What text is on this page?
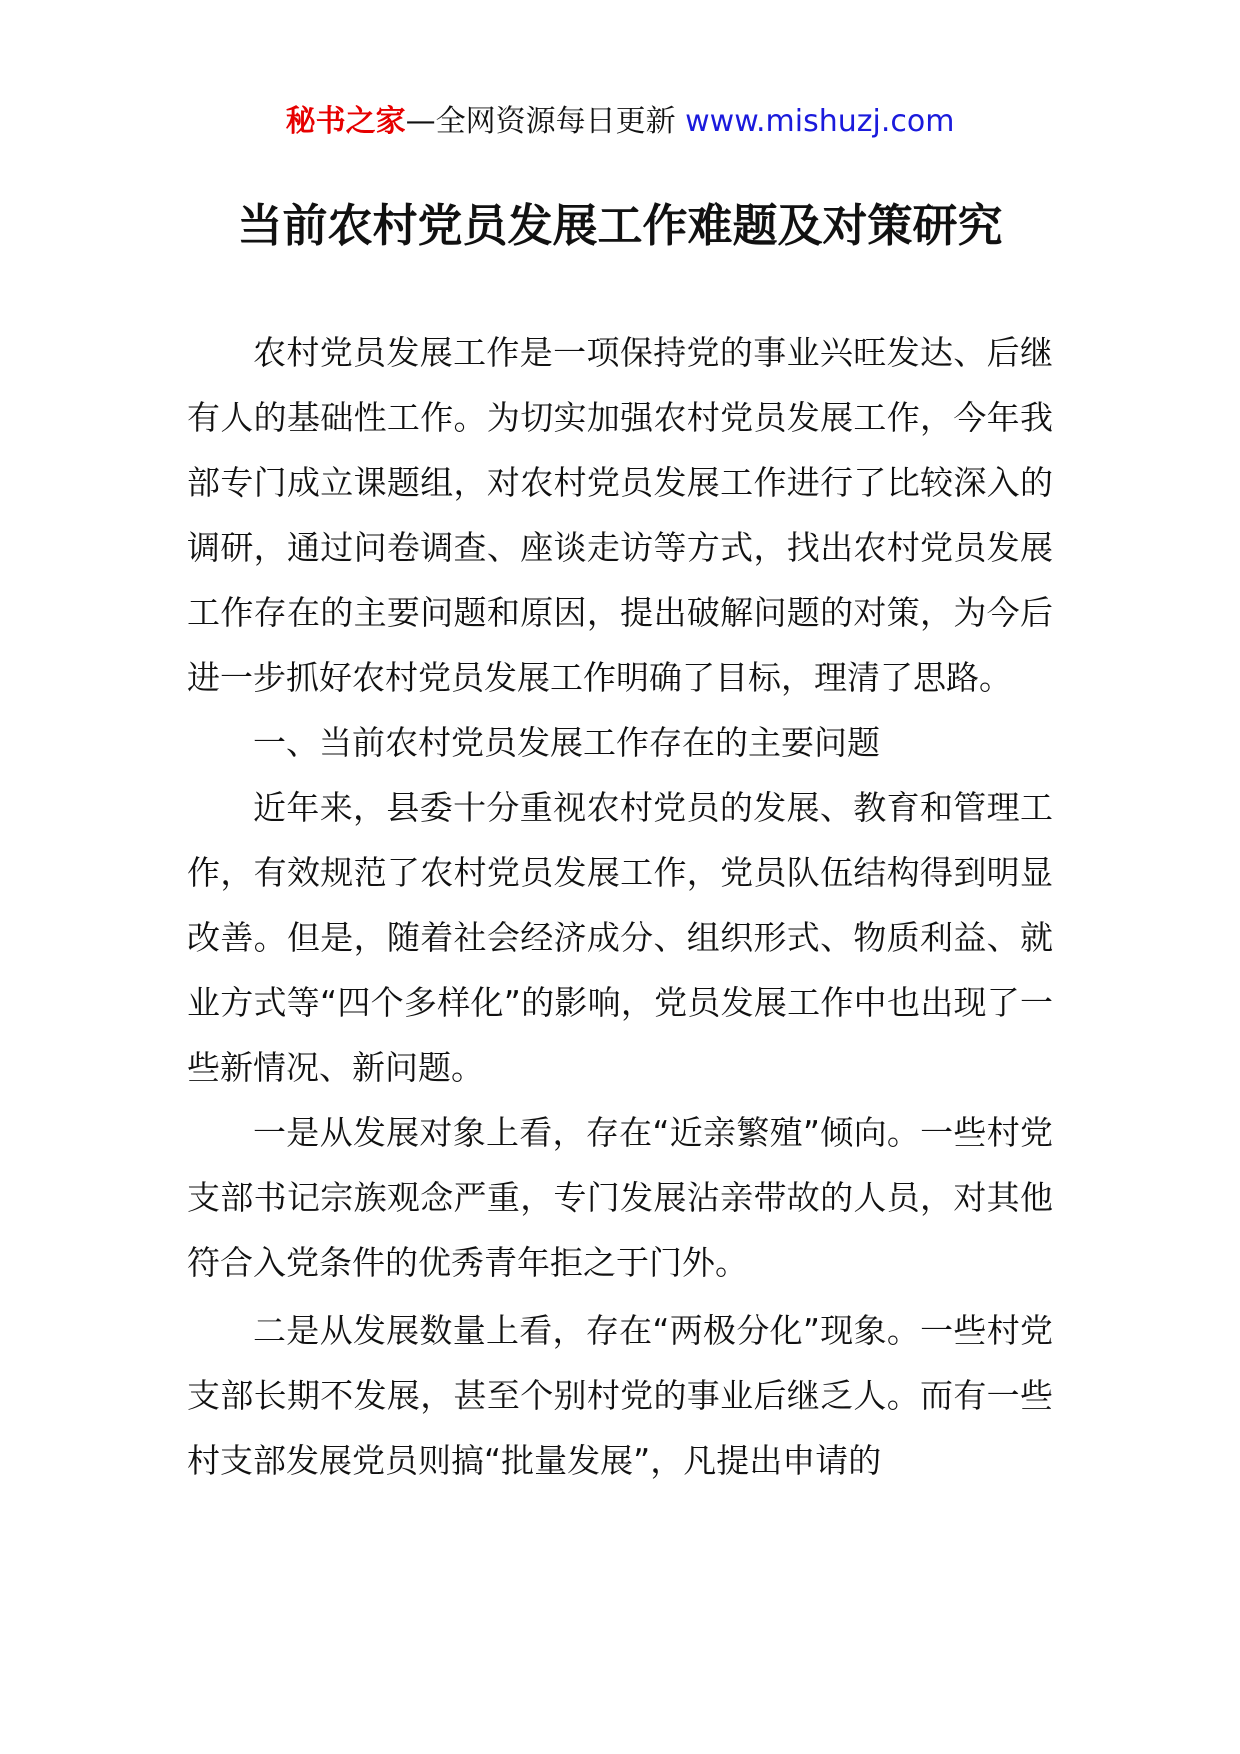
秘书之家—全网资源每日更新 www.mishuzj.com
当前农村党员发展工作难题及对策研究

农村党员发展工作是一项保持党的事业兴旺发达、后继有人的基础性工作。为切实加强农村党员发展工作，今年我部专门成立课题组，对农村党员发展工作进行了比较深入的调研，通过问卷调查、座谈走访等方式，找出农村党员发展工作存在的主要问题和原因，提出破解问题的对策，为今后进一步抓好农村党员发展工作明确了目标，理清了思路。

一、当前农村党员发展工作存在的主要问题

近年来，县委十分重视农村党员的发展、教育和管理工作，有效规范了农村党员发展工作，党员队伍结构得到明显改善。但是，随着社会经济成分、组织形式、物质利益、就业方式等“四个多样化”的影响，党员发展工作中也出现了一些新情况、新问题。

一是从发展对象上看，存在“近亲繁殖”倾向。一些村党支部书记宗族观念严重，专门发展沾亲带故的人员，对其他符合入党条件的优秀青年拒之于门外。

二是从发展数量上看，存在“两极分化”现象。一些村党支部长期不发展，甚至个别村党的事业后继乏人。而有一些村支部发展党员则搞“批量发展”，凡提出申请的
